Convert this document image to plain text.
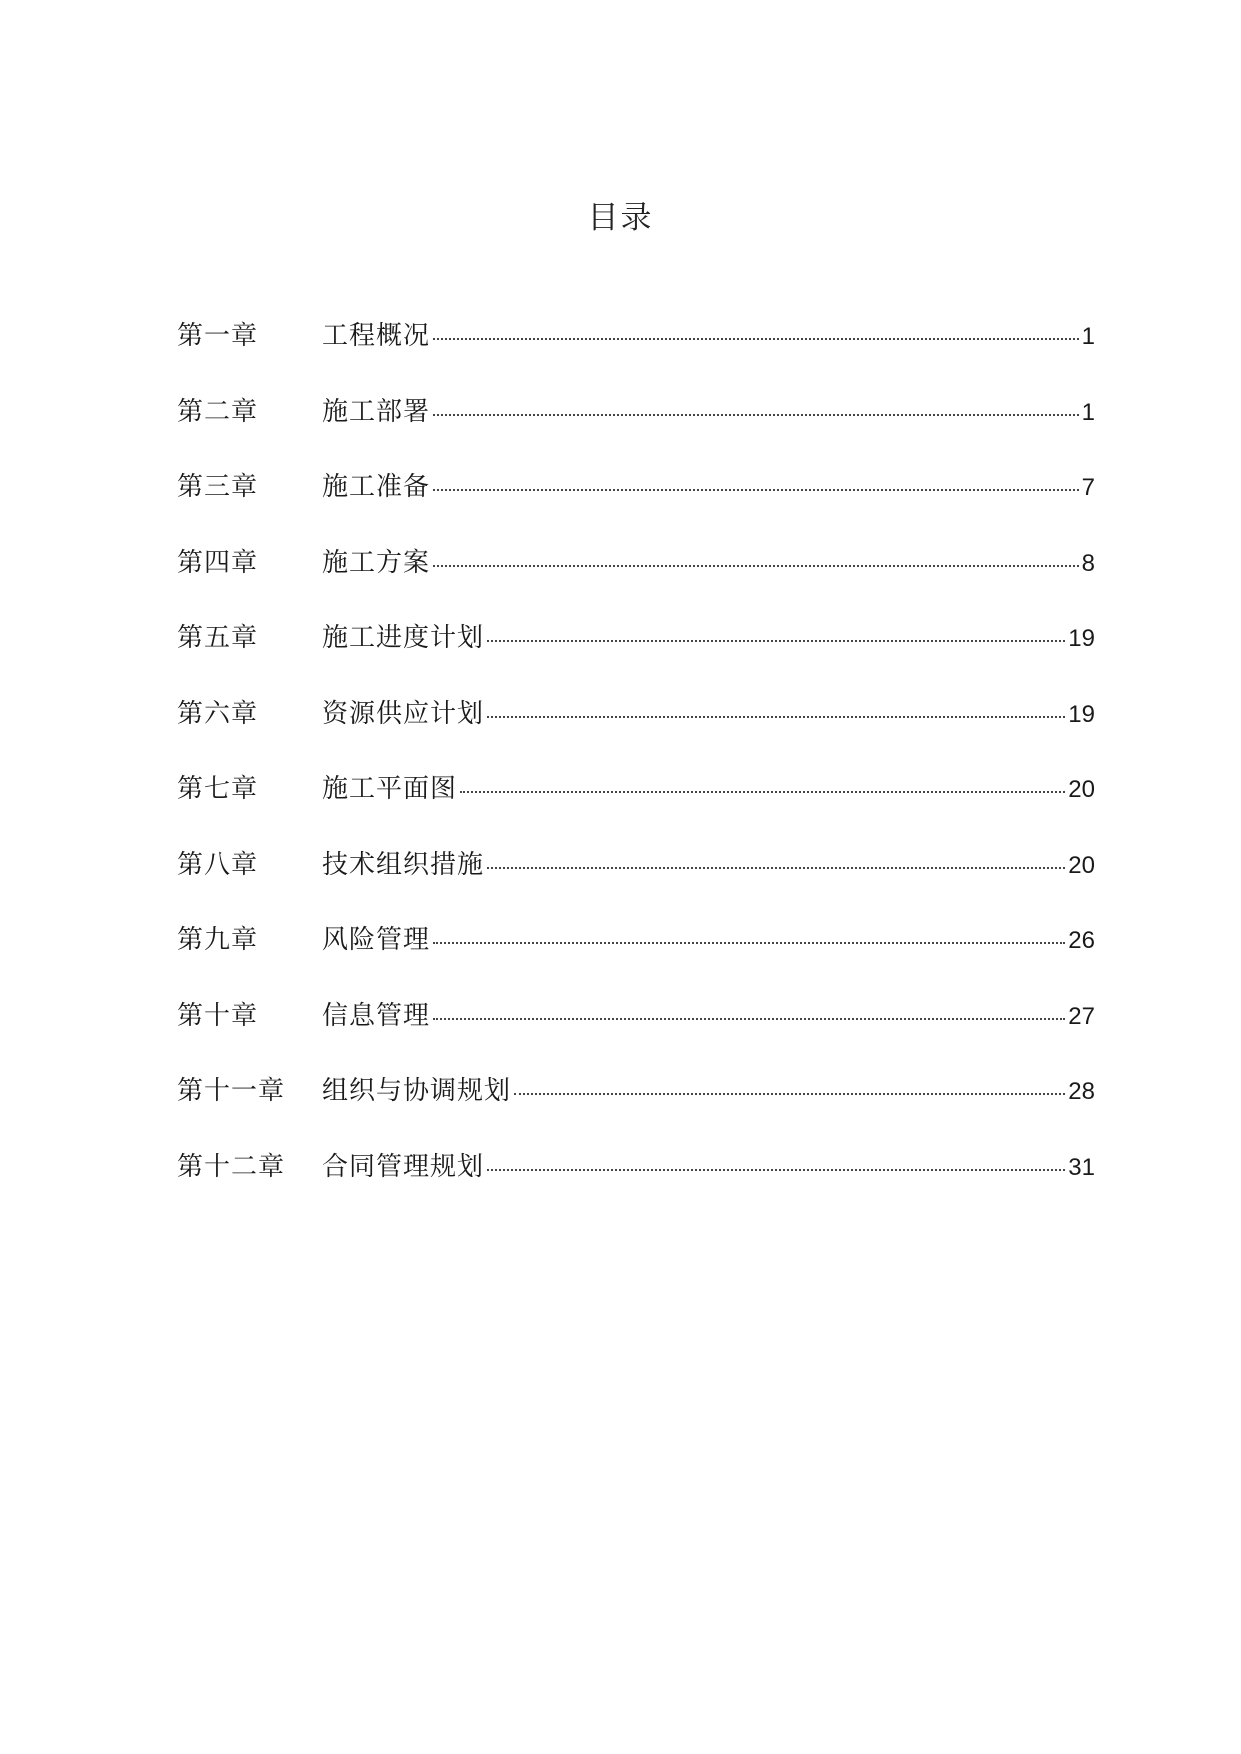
目录
第一章	工程概况	1
第二章	施工部署	1
第三章	施工准备	7
第四章	施工方案	8
第五章	施工进度计划	19
第六章	资源供应计划	19
第七章	施工平面图	20
第八章	技术组织措施	20
第九章	风险管理	26
第十章	信息管理	27
第十一章	组织与协调规划	28
第十二章	合同管理规划	31
